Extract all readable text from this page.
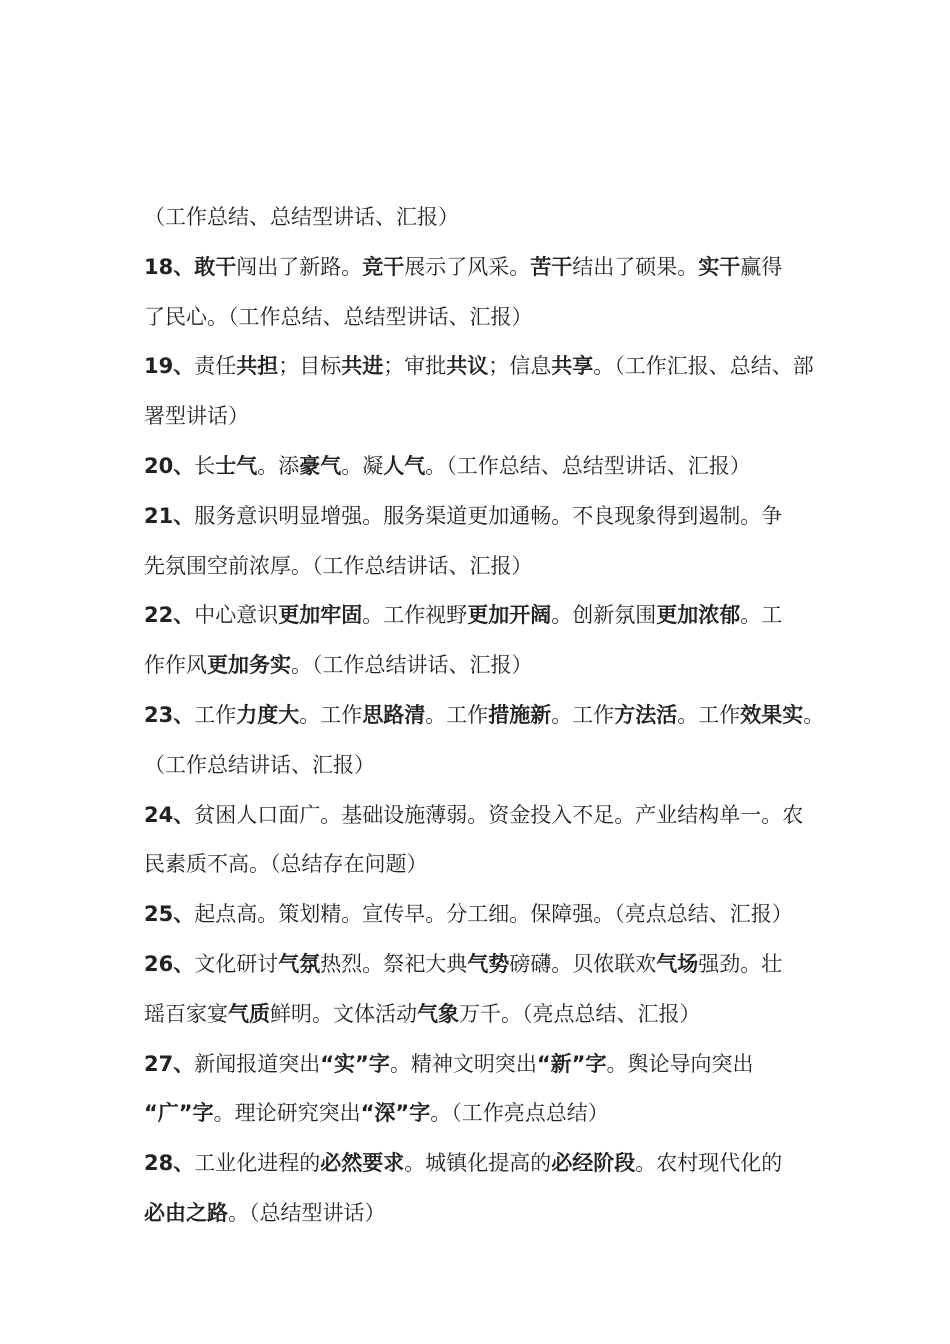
（工作总结、总结型讲话、汇报）
18、敢干闯出了新路。竞干展示了风采。苦干结出了硕果。实干赢得
了民心。（工作总结、总结型讲话、汇报）
19、责任共担；目标共进；审批共议；信息共享。（工作汇报、总结、部
署型讲话）
20、长士气。添豪气。凝人气。（工作总结、总结型讲话、汇报）
21、服务意识明显增强。服务渠道更加通畅。不良现象得到遏制。争
先氛围空前浓厚。（工作总结讲话、汇报）
22、中心意识更加牢固。工作视野更加开阔。创新氛围更加浓郁。工
作作风更加务实。（工作总结讲话、汇报）
23、工作力度大。工作思路清。工作措施新。工作方法活。工作效果实。
（工作总结讲话、汇报）
24、贫困人口面广。基础设施薄弱。资金投入不足。产业结构单一。农
民素质不高。（总结存在问题）
25、起点高。策划精。宣传早。分工细。保障强。（亮点总结、汇报）
26、文化研讨气氛热烈。祭祀大典气势磅礴。贝侬联欢气场强劲。壮
瑶百家宴气质鲜明。文体活动气象万千。（亮点总结、汇报）
27、新闻报道突出“实”字。精神文明突出“新”字。舆论导向突出
“广”字。理论研究突出“深”字。（工作亮点总结）
28、工业化进程的必然要求。城镇化提高的必经阶段。农村现代化的
必由之路。（总结型讲话）
